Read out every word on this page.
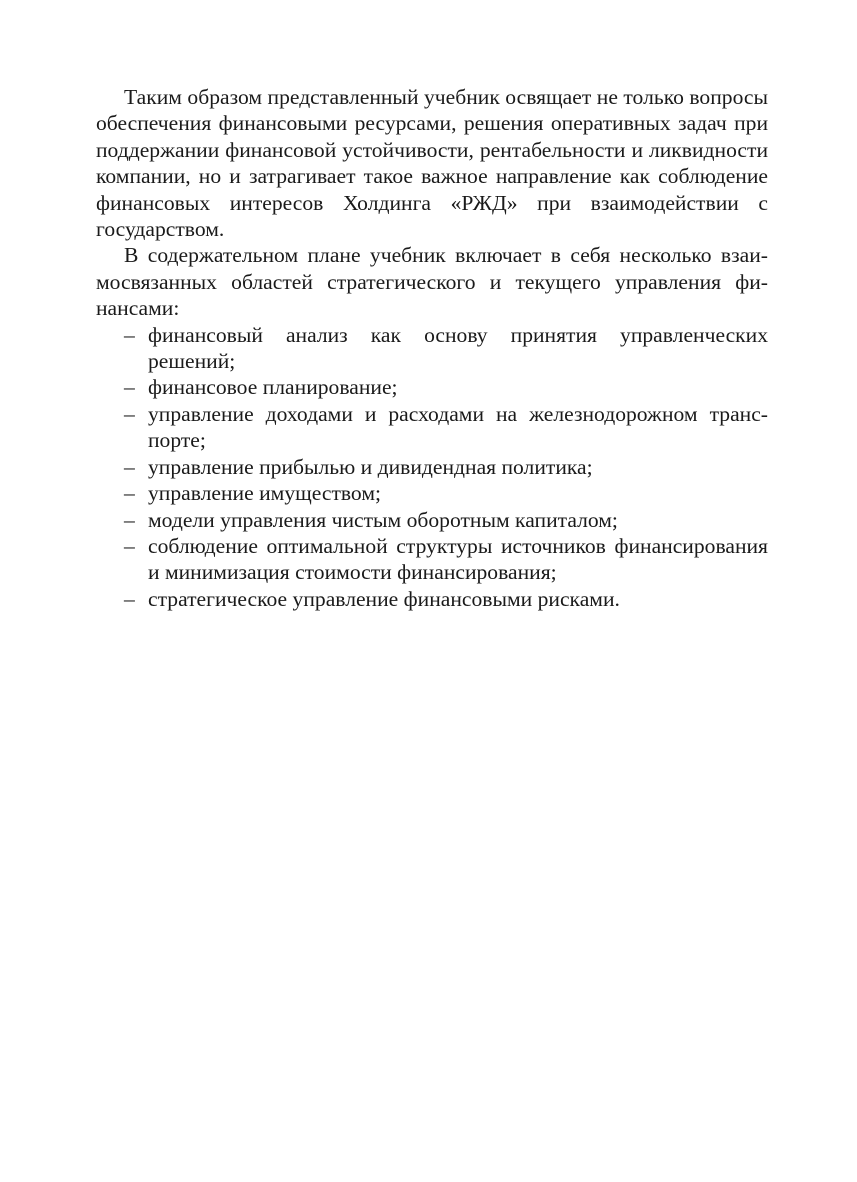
Таким образом представленный учебник освящает не только вопросы обеспечения финансовыми ресурсами, решения оперативных задач при поддержании финансовой устойчивости, рентабельности и ликвидности компании, но и затрагивает такое важное направление как соблюдение финансовых интересов Холдинга «РЖД» при взаимодействии с государством.

В содержательном плане учебник включает в себя несколько взаимосвязанных областей стратегического и текущего управления финансами:

– финансовый анализ как основу принятия управленческих решений;
– финансовое планирование;
– управление доходами и расходами на железнодорожном транспорте;
– управление прибылью и дивидендная политика;
– управление имуществом;
– модели управления чистым оборотным капиталом;
– соблюдение оптимальной структуры источников финансирования и минимизация стоимости финансирования;
– стратегическое управление финансовыми рисками.
